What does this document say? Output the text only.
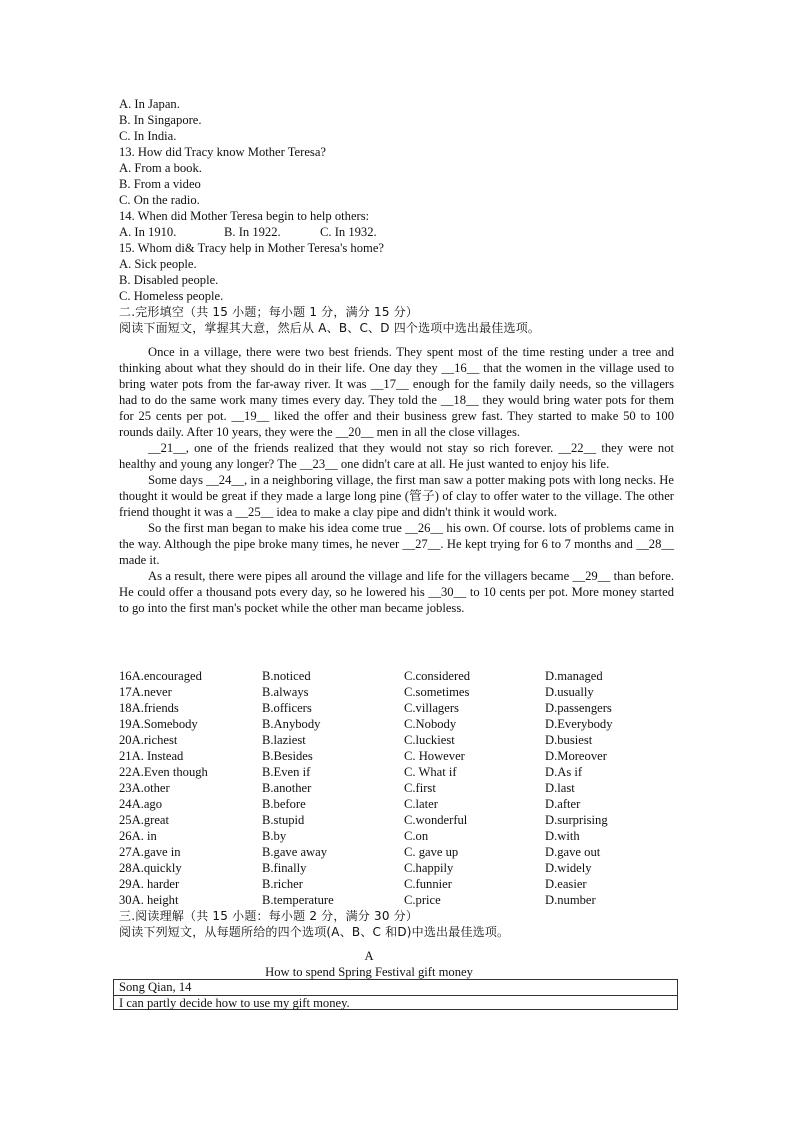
A. In Japan.
B. In Singapore.
C. In India.
13. How did Tracy know Mother Teresa?
A. From a book.
B. From a video
C. On the radio.
14. When did Mother Teresa begin to help others:

A. In 1910.

	B. In 1922.

	C. In 1932.

15. Whom di& Tracy help in Mother Teresa's home?
A. Sick people.
B. Disabled people.
C. Homeless people.
二.完形填空（共 15 小题；每小题 1 分，满分 15 分）
阅读下面短文，掌握其大意，然后从 A、B、C、D 四个选项中选出最佳选项。

Once in a village, there were two best friends. They spent most of the time resting under a tree and thinking about what they should do in their life. One day they __16__ that the women in the village used to bring water pots from the far-away river. It was __17__ enough for the family daily needs, so the villagers had to do the same work many times every day. They told the __18__ they would bring water pots for them for 25 cents per pot. __19__ liked the offer and their business grew fast. They started to make 50 to 100 rounds daily. After 10 years, they were the __20__ men in all the close villages.

__21__, one of the friends realized that they would not stay so rich forever. __22__ they were not healthy and young any longer? The __23__ one didn't care at all. He just wanted to enjoy his life.

Some days __24__, in a neighboring village, the first man saw a potter making pots with long necks. He thought it would be great if they made a large long pine (管子) of clay to offer water to the village. The other friend thought it was a __25__ idea to make a clay pipe and didn't think it would work.

So the first man began to make his idea come true __26__ his own. Of course. lots of problems came in the way. Although the pipe broke many times, he never __27__. He kept trying for 6 to 7 months and __28__ made it.

As a result, there were pipes all around the village and life for the villagers became __29__ than before. He could offer a thousand pots every day, so he lowered his __30__ to 10 cents per pot. More money started to go into the first man's pocket while the other man became jobless.

16A.encouraged	B.noticed	C.considered	D.managed
17A.never	B.always	C.sometimes	D.usually
18A.friends	B.officers	C.villagers	D.passengers
19A.Somebody	B.Anybody	C.Nobody	D.Everybody
20A.richest	B.laziest	C.luckiest	D.busiest
21A. Instead	B.Besides	C. However	D.Moreover
22A.Even though	B.Even if	C. What if	D.As if
23A.other	B.another	C.first	D.last
24A.ago	B.before	C.later	D.after
25A.great	B.stupid	C.wonderful	D.surprising
26A. in	B.by	C.on	D.with
27A.gave in	B.gave away	C. gave up	D.gave out
28A.quickly	B.finally	C.happily	D.widely
29A. harder	B.richer	C.funnier	D.easier
30A. height	B.temperature	C.price	D.number
三.阅读理解（共 15 小题：每小题 2 分，满分 30 分）
阅读下列短文，从每题所给的四个选项(A、B、C 和D)中选出最佳选项。
A
How to spend Spring Festival gift money
Song Qian, 14
I can partly decide how to use my gift money.
